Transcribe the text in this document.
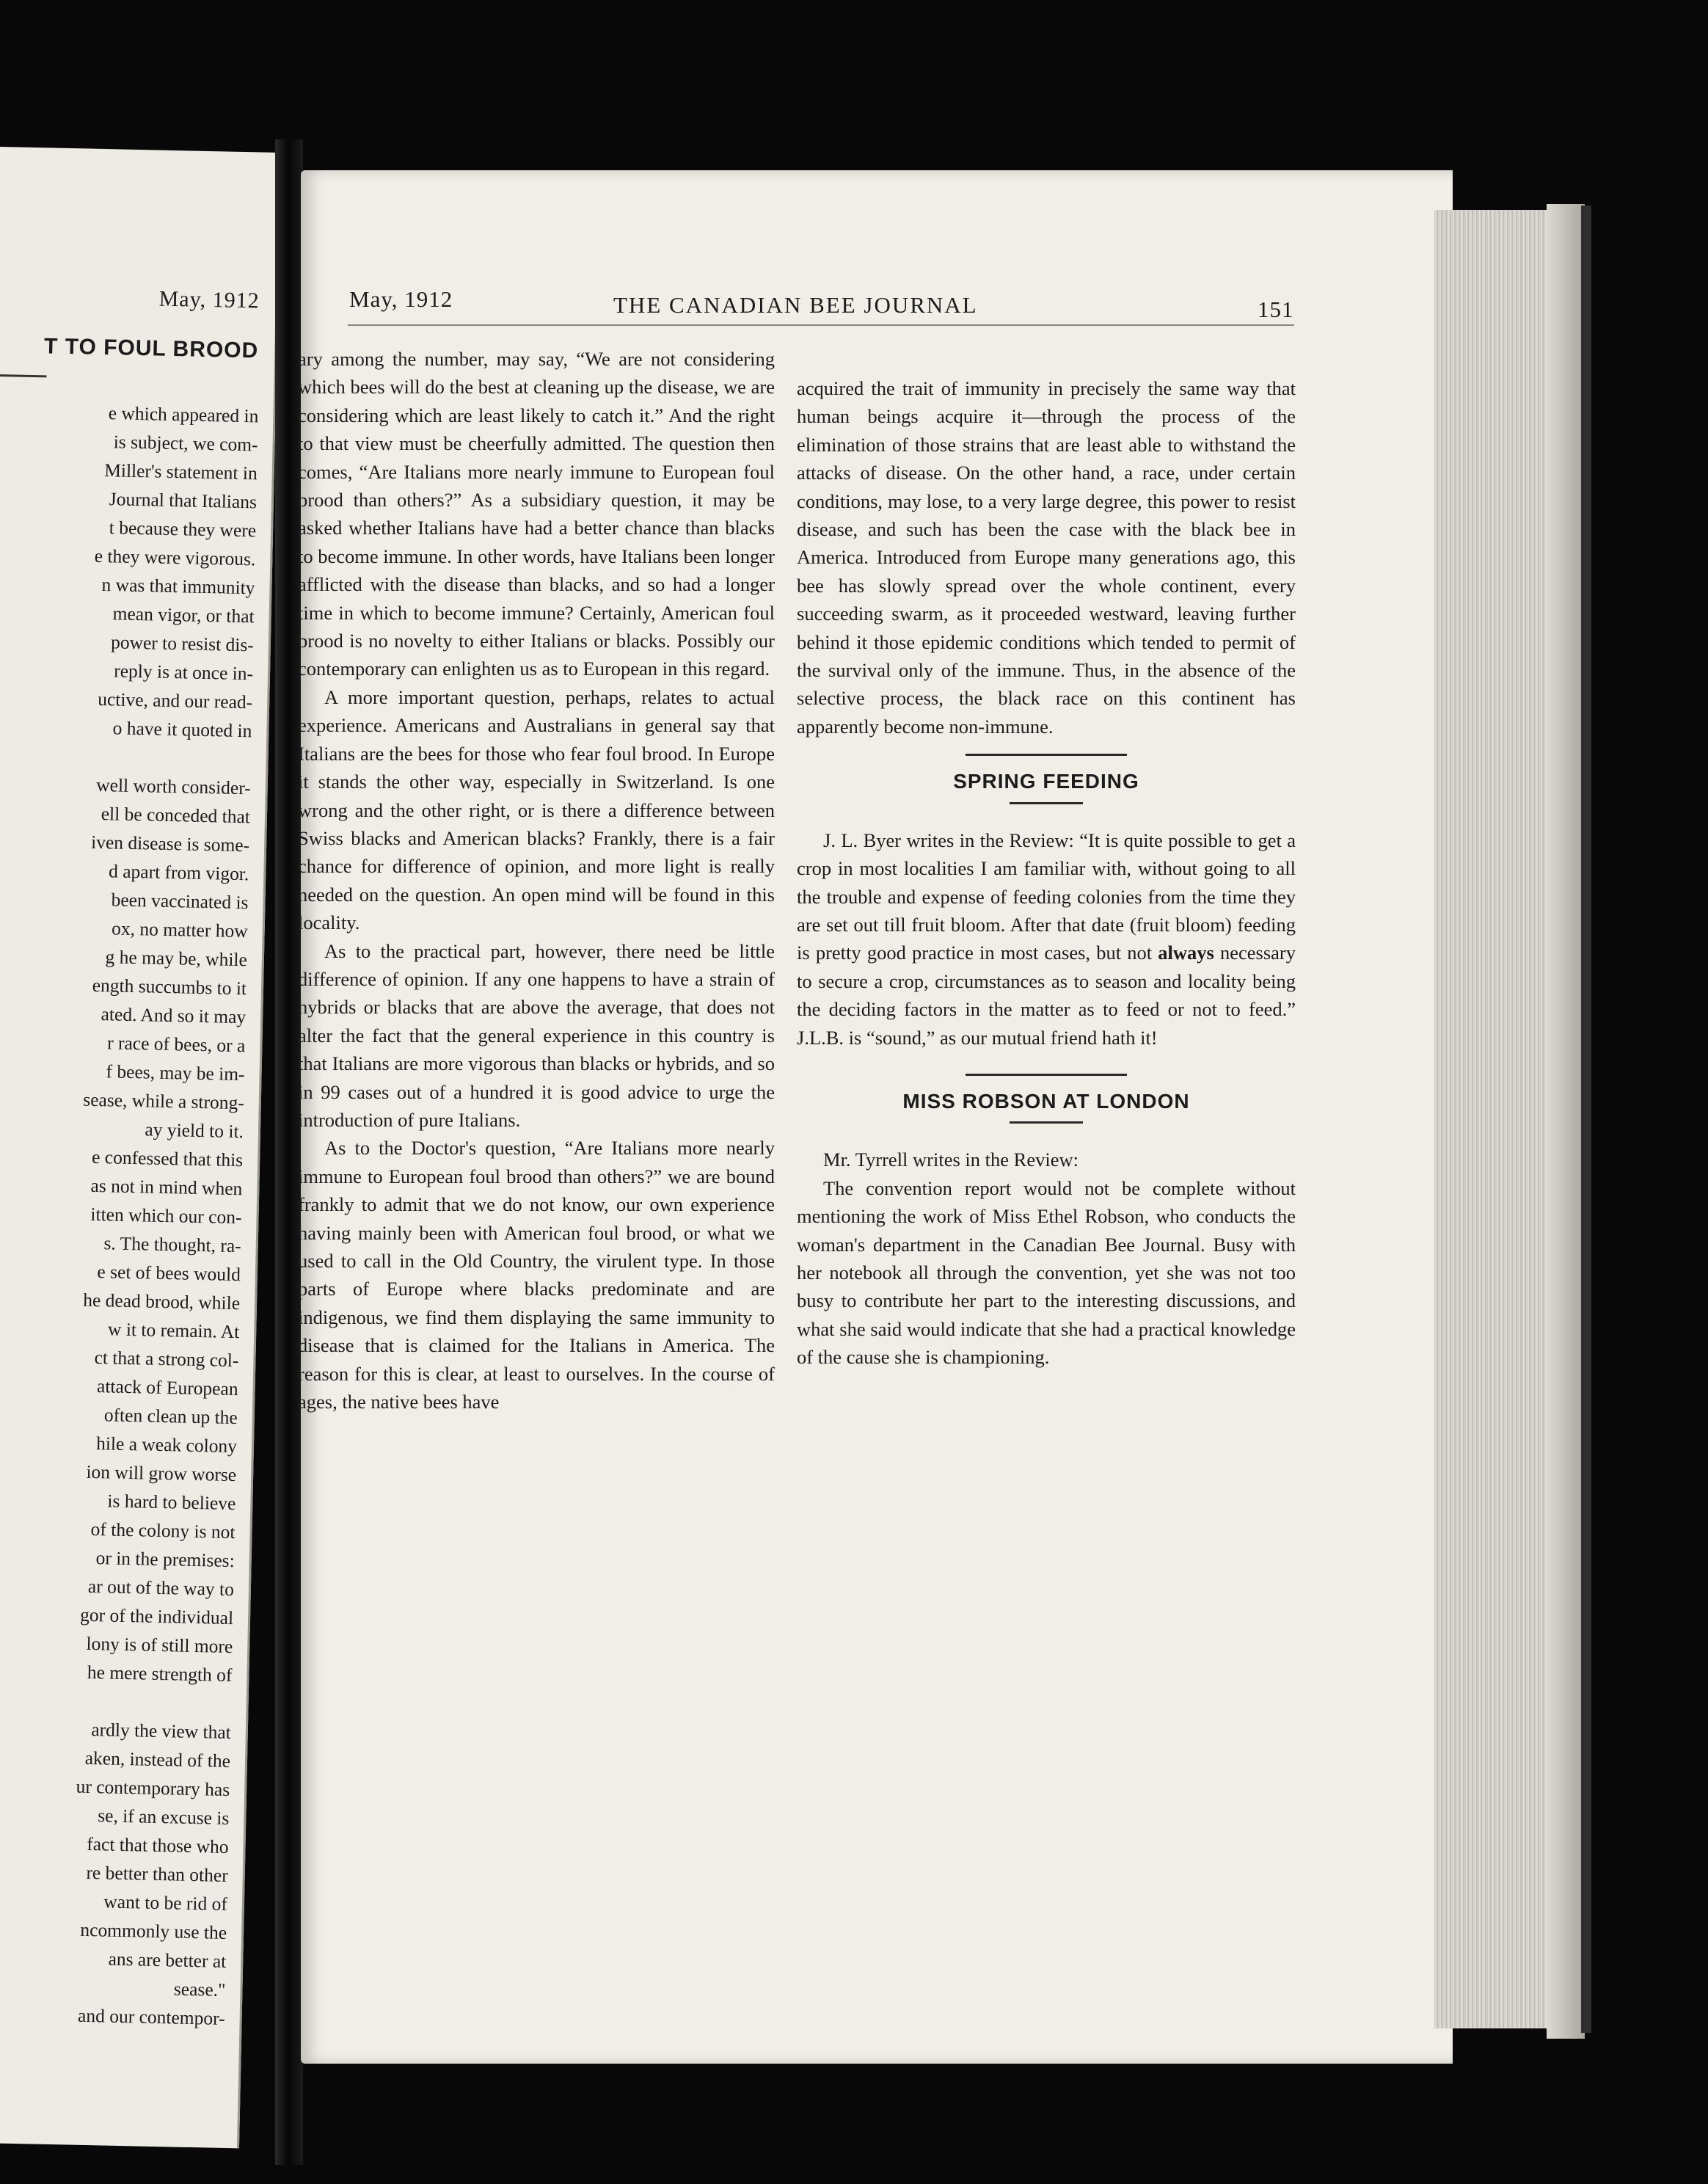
May, 1912
T TO FOUL BROOD
e which appeared in
is subject, we com-
Miller's statement in
Journal that Italians
t because they were
e they were vigorous.
n was that immunity
mean vigor, or that
power to resist dis-
reply is at once in-
uctive, and our read-
o have it quoted in
well worth consider-
ell be conceded that
iven disease is some-
d apart from vigor.
been vaccinated is
ox, no matter how
g he may be, while
ength succumbs to it
ated. And so it may
r race of bees, or a
f bees, may be im-
sease, while a strong-
ay yield to it.
e confessed that this
as not in mind when
itten which our con-
s. The thought, ra-
e set of bees would
he dead brood, while
w it to remain. At
ct that a strong col-
attack of European
often clean up the
hile a weak colony
ion will grow worse
is hard to believe
of the colony is not
or in the premises:
ar out of the way to
gor of the individual
lony is of still more
he mere strength of
ardly the view that
aken, instead of the
ur contemporary has
se, if an excuse is
fact that those who
re better than other
want to be rid of
ncommonly use the
ans are better at
sease."
and our contempor-
May, 1912	THE CANADIAN BEE JOURNAL	151

ary among the number, may say, “We are not considering which bees will do the best at cleaning up the disease, we are considering which are least likely to catch it.” And the right to that view must be cheerfully admitted. The question then comes, “Are Italians more nearly immune to European foul brood than others?” As a subsidiary question, it may be asked whether Italians have had a better chance than blacks to become immune. In other words, have Italians been longer afflicted with the disease than blacks, and so had a longer time in which to become immune? Certainly, American foul brood is no novelty to either Italians or blacks. Possibly our contemporary can enlighten us as to European in this regard.

A more important question, perhaps, relates to actual experience. Americans and Australians in general say that Italians are the bees for those who fear foul brood. In Europe it stands the other way, especially in Switzerland. Is one wrong and the other right, or is there a difference between Swiss blacks and American blacks? Frankly, there is a fair chance for difference of opinion, and more light is really needed on the question. An open mind will be found in this locality.

As to the practical part, however, there need be little difference of opinion. If any one happens to have a strain of hybrids or blacks that are above the average, that does not alter the fact that the general experience in this country is that Italians are more vigorous than blacks or hybrids, and so in 99 cases out of a hundred it is good advice to urge the introduction of pure Italians.

As to the Doctor's question, “Are Italians more nearly immune to European foul brood than others?” we are bound frankly to admit that we do not know, our own experience having mainly been with American foul brood, or what we used to call in the Old Country, the virulent type. In those parts of Europe where blacks predominate and are indigenous, we find them displaying the same immunity to disease that is claimed for the Italians in America. The reason for this is clear, at least to ourselves. In the course of ages, the native bees have

acquired the trait of immunity in precisely the same way that human beings acquire it—through the process of the elimination of those strains that are least able to withstand the attacks of disease. On the other hand, a race, under certain conditions, may lose, to a very large degree, this power to resist disease, and such has been the case with the black bee in America. Introduced from Europe many generations ago, this bee has slowly spread over the whole continent, every succeeding swarm, as it proceeded westward, leaving further behind it those epidemic conditions which tended to permit of the survival only of the immune. Thus, in the absence of the selective process, the black race on this continent has apparently become non-immune.

SPRING FEEDING

J. L. Byer writes in the Review: “It is quite possible to get a crop in most localities I am familiar with, without going to all the trouble and expense of feeding colonies from the time they are set out till fruit bloom. After that date (fruit bloom) feeding is pretty good practice in most cases, but not always necessary to secure a crop, circumstances as to season and locality being the deciding factors in the matter as to feed or not to feed.” J.L.B. is “sound,” as our mutual friend hath it!

MISS ROBSON AT LONDON

Mr. Tyrrell writes in the Review:

The convention report would not be complete without mentioning the work of Miss Ethel Robson, who conducts the woman's department in the Canadian Bee Journal. Busy with her notebook all through the convention, yet she was not too busy to contribute her part to the interesting discussions, and what she said would indicate that she had a practical knowledge of the cause she is championing.
